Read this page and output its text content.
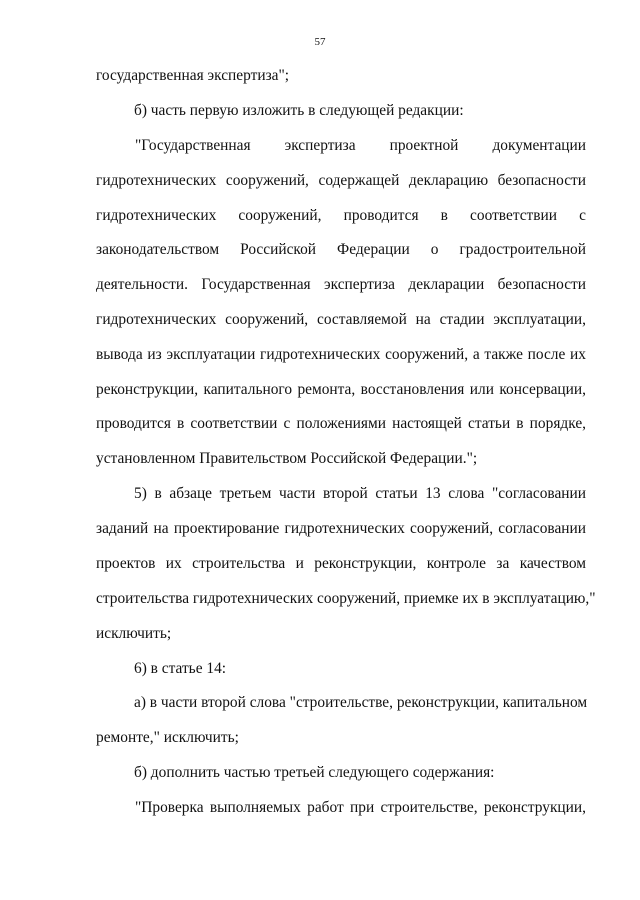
57
государственная экспертиза";
б) часть первую изложить в следующей редакции:
"Государственная экспертиза проектной документации
гидротехнических сооружений, содержащей декларацию безопасности
гидротехнических сооружений, проводится в соответствии с
законодательством Российской Федерации о градостроительной
деятельности. Государственная экспертиза декларации безопасности
гидротехнических сооружений, составляемой на стадии эксплуатации,
вывода из эксплуатации гидротехнических сооружений, а также после их
реконструкции, капитального ремонта, восстановления или консервации,
проводится в соответствии с положениями настоящей статьи в порядке,
установленном Правительством Российской Федерации.";
5) в абзаце третьем части второй статьи 13 слова "согласовании
заданий на проектирование гидротехнических сооружений, согласовании
проектов их строительства и реконструкции, контроле за качеством
строительства гидротехнических сооружений, приемке их в эксплуатацию,"
исключить;
6) в статье 14:
а) в части второй слова "строительстве, реконструкции, капитальном
ремонте," исключить;
б) дополнить частью третьей следующего содержания:
"Проверка выполняемых работ при строительстве, реконструкции,
